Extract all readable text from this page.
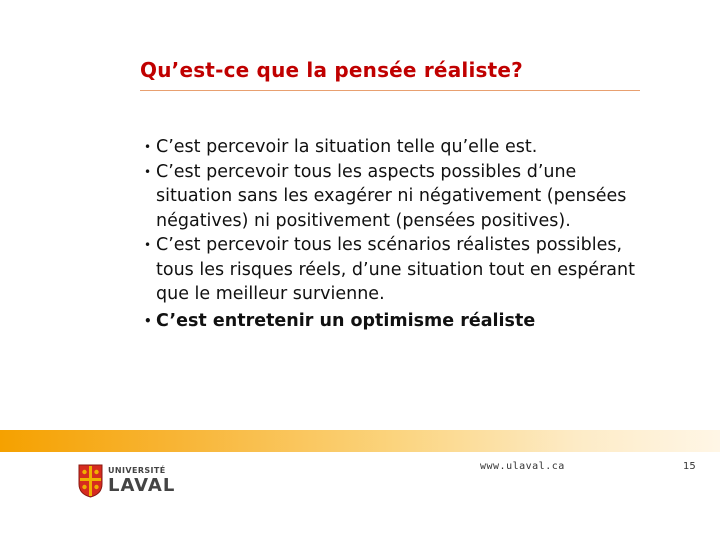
Qu’est-ce que la pensée réaliste?
• C’est percevoir la situation telle qu’elle est.
• C’est percevoir tous les aspects possibles d’une situation sans les exagérer ni négativement (pensées négatives) ni positivement (pensées positives).
• C’est percevoir tous les scénarios réalistes possibles, tous les risques réels, d’une situation tout en espérant que le meilleur survienne.
• C’est entretenir un optimisme réaliste
UNIVERSITÉ
LAVAL
www.ulaval.ca	15
